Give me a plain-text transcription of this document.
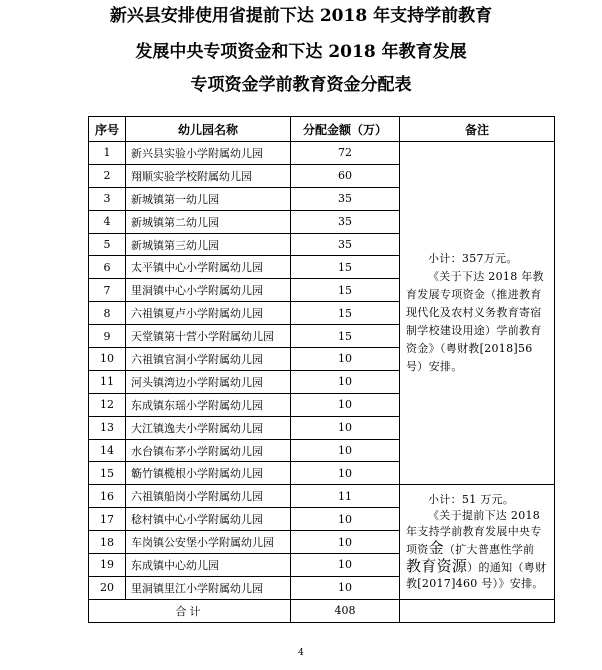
新兴县安排使用省提前下达 2018 年支持学前教育
发展中央专项资金和下达 2018 年教育发展
专项资金学前教育资金分配表
序号	幼儿园名称	分配金额（万）	备注
1	新兴县实验小学附属幼儿园	72	小计：357万元。
《关于下达 2018 年教育发展专项资金（推进教育现代化及农村义务教育寄宿制学校建设用途）学前教育资金》（粤财教[2018]56号）安排。

2	翔顺实验学校附属幼儿园	60	
3	新城镇第一幼儿园	35	
4	新城镇第二幼儿园	35	
5	新城镇第三幼儿园	35	
6	太平镇中心小学附属幼儿园	15	
7	里洞镇中心小学附属幼儿园	15	
8	六祖镇夏卢小学附属幼儿园	15	
9	天堂镇第十营小学附属幼儿园	15	
10	六祖镇官洞小学附属幼儿园	10	
11	河头镇湾边小学附属幼儿园	10	
12	东成镇东瑶小学附属幼儿园	10	
13	大江镇逸夫小学附属幼儿园	10	
14	水台镇布茅小学附属幼儿园	10	
15	簕竹镇榄根小学附属幼儿园	10	
16	六祖镇船岗小学附属幼儿园	11	小计：51 万元。
《关于提前下达 2018 年支持学前教育发展中央专项资金（扩大普惠性学前教育资源）的通知（粤财教[2017]460 号）》安排。

17	稔村镇中心小学附属幼儿园	10	
18	车岗镇公安堡小学附属幼儿园	10	
19	东成镇中心幼儿园	10	
20	里洞镇里江小学附属幼儿园	10	
合计		408	
4
